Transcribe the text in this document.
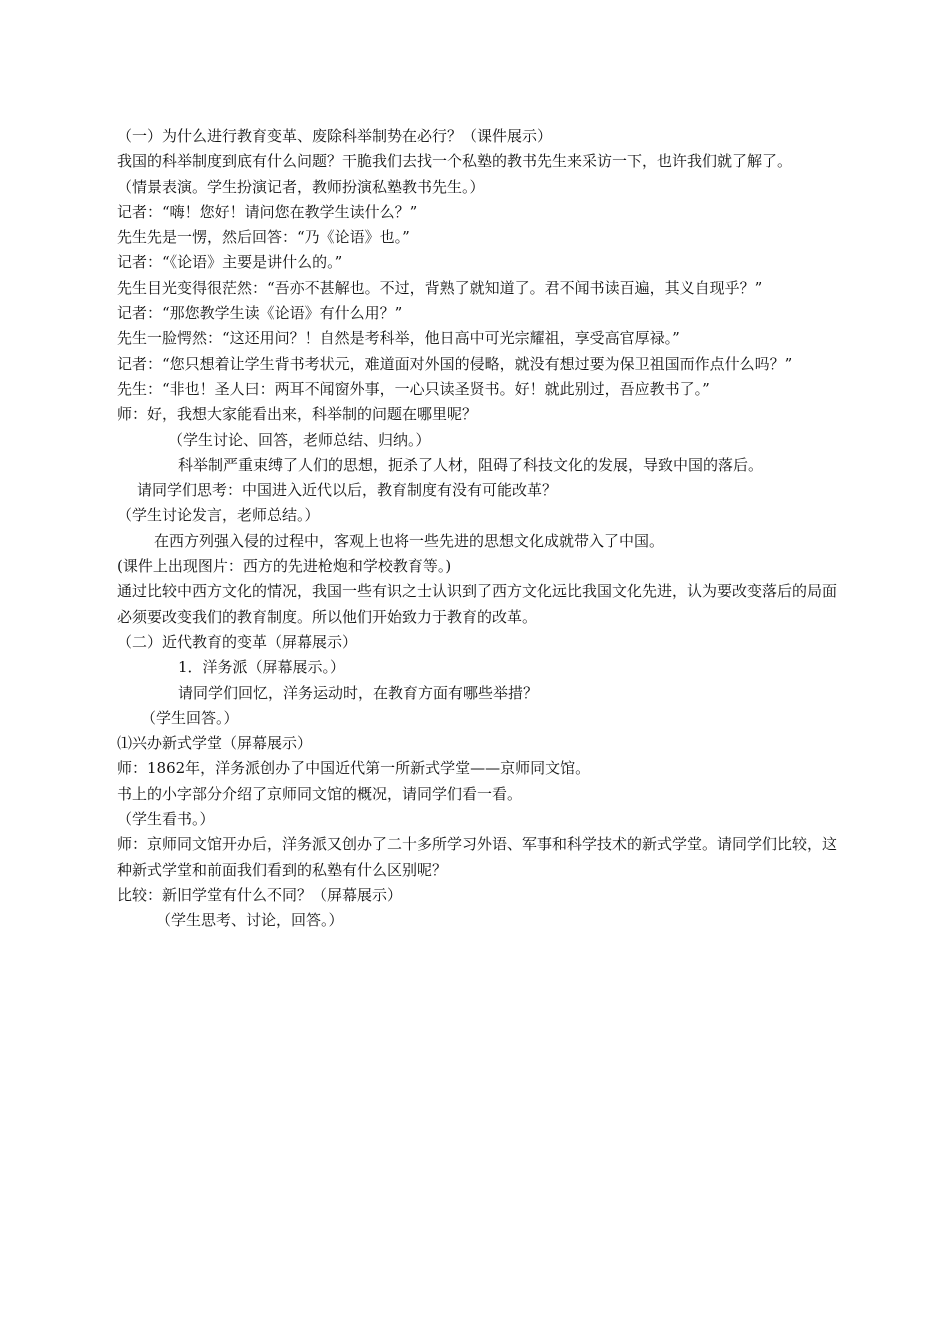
（一）为什么进行教育变革、废除科举制势在必行？（课件展示）
我国的科举制度到底有什么问题？干脆我们去找一个私塾的教书先生来采访一下，也许我们就了解了。
（情景表演。学生扮演记者，教师扮演私塾教书先生。）
记者：“嗨！您好！请问您在教学生读什么？”
先生先是一愣，然后回答：“乃《论语》也。”
记者：“《论语》主要是讲什么的。”
先生目光变得很茫然：“吾亦不甚解也。不过，背熟了就知道了。君不闻书读百遍，其义自现乎？”
记者：“那您教学生读《论语》有什么用？”
先生一脸愕然：“这还用问？！自然是考科举，他日高中可光宗耀祖，享受高官厚禄。”
记者：“您只想着让学生背书考状元，难道面对外国的侵略，就没有想过要为保卫祖国而作点什么吗？”
先生：“非也！圣人曰：两耳不闻窗外事，一心只读圣贤书。好！就此别过，吾应教书了。”
师：好，我想大家能看出来，科举制的问题在哪里呢？
（学生讨论、回答，老师总结、归纳。）
科举制严重束缚了人们的思想，扼杀了人材，阻碍了科技文化的发展，导致中国的落后。
请同学们思考：中国进入近代以后，教育制度有没有可能改革？
（学生讨论发言，老师总结。）
在西方列强入侵的过程中，客观上也将一些先进的思想文化成就带入了中国。
(课件上出现图片：西方的先进枪炮和学校教育等。)
通过比较中西方文化的情况，我国一些有识之士认识到了西方文化远比我国文化先进，认为要改变落后的局面必须要改变我们的教育制度。所以他们开始致力于教育的改革。
（二）近代教育的变革（屏幕展示）
1．洋务派（屏幕展示。）
请同学们回忆，洋务运动时，在教育方面有哪些举措？
（学生回答。）
⑴兴办新式学堂（屏幕展示）
师：1862年，洋务派创办了中国近代第一所新式学堂——京师同文馆。
书上的小字部分介绍了京师同文馆的概况，请同学们看一看。
（学生看书。）
师：京师同文馆开办后，洋务派又创办了二十多所学习外语、军事和科学技术的新式学堂。请同学们比较，这种新式学堂和前面我们看到的私塾有什么区别呢？
比较：新旧学堂有什么不同？（屏幕展示）
（学生思考、讨论，回答。）
